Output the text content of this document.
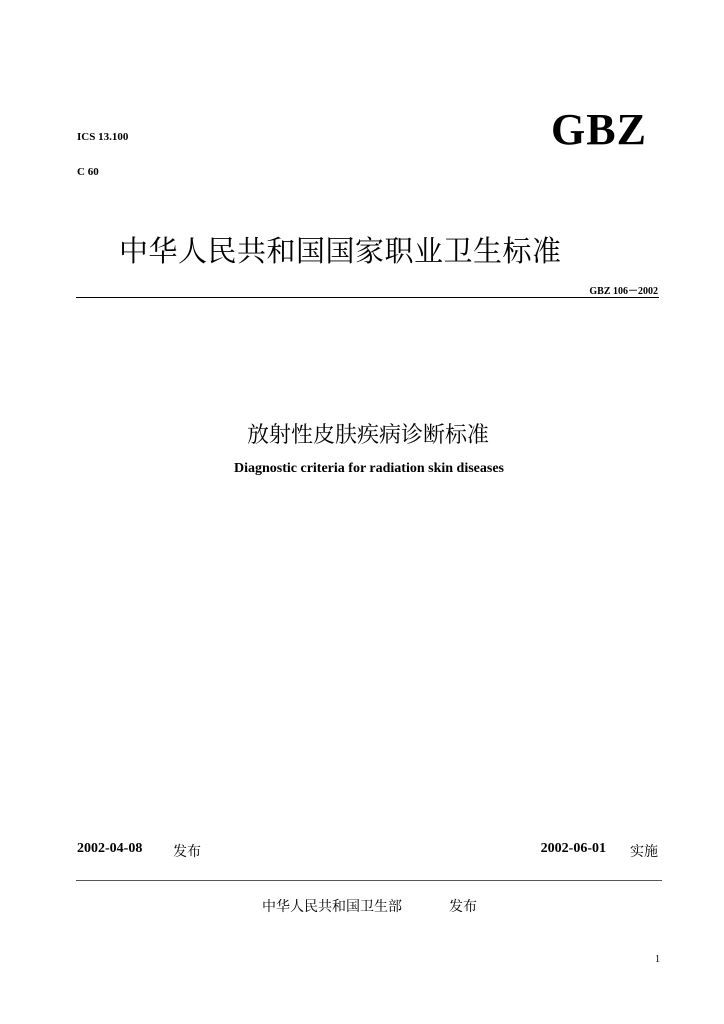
ICS 13.100
C 60
GBZ
中华人民共和国国家职业卫生标准
GBZ 106－2002
放射性皮肤疾病诊断标准
Diagnostic criteria for radiation skin diseases
2002-04-08 发布	2002-06-01 实施
中华人民共和国卫生部	发布
1
